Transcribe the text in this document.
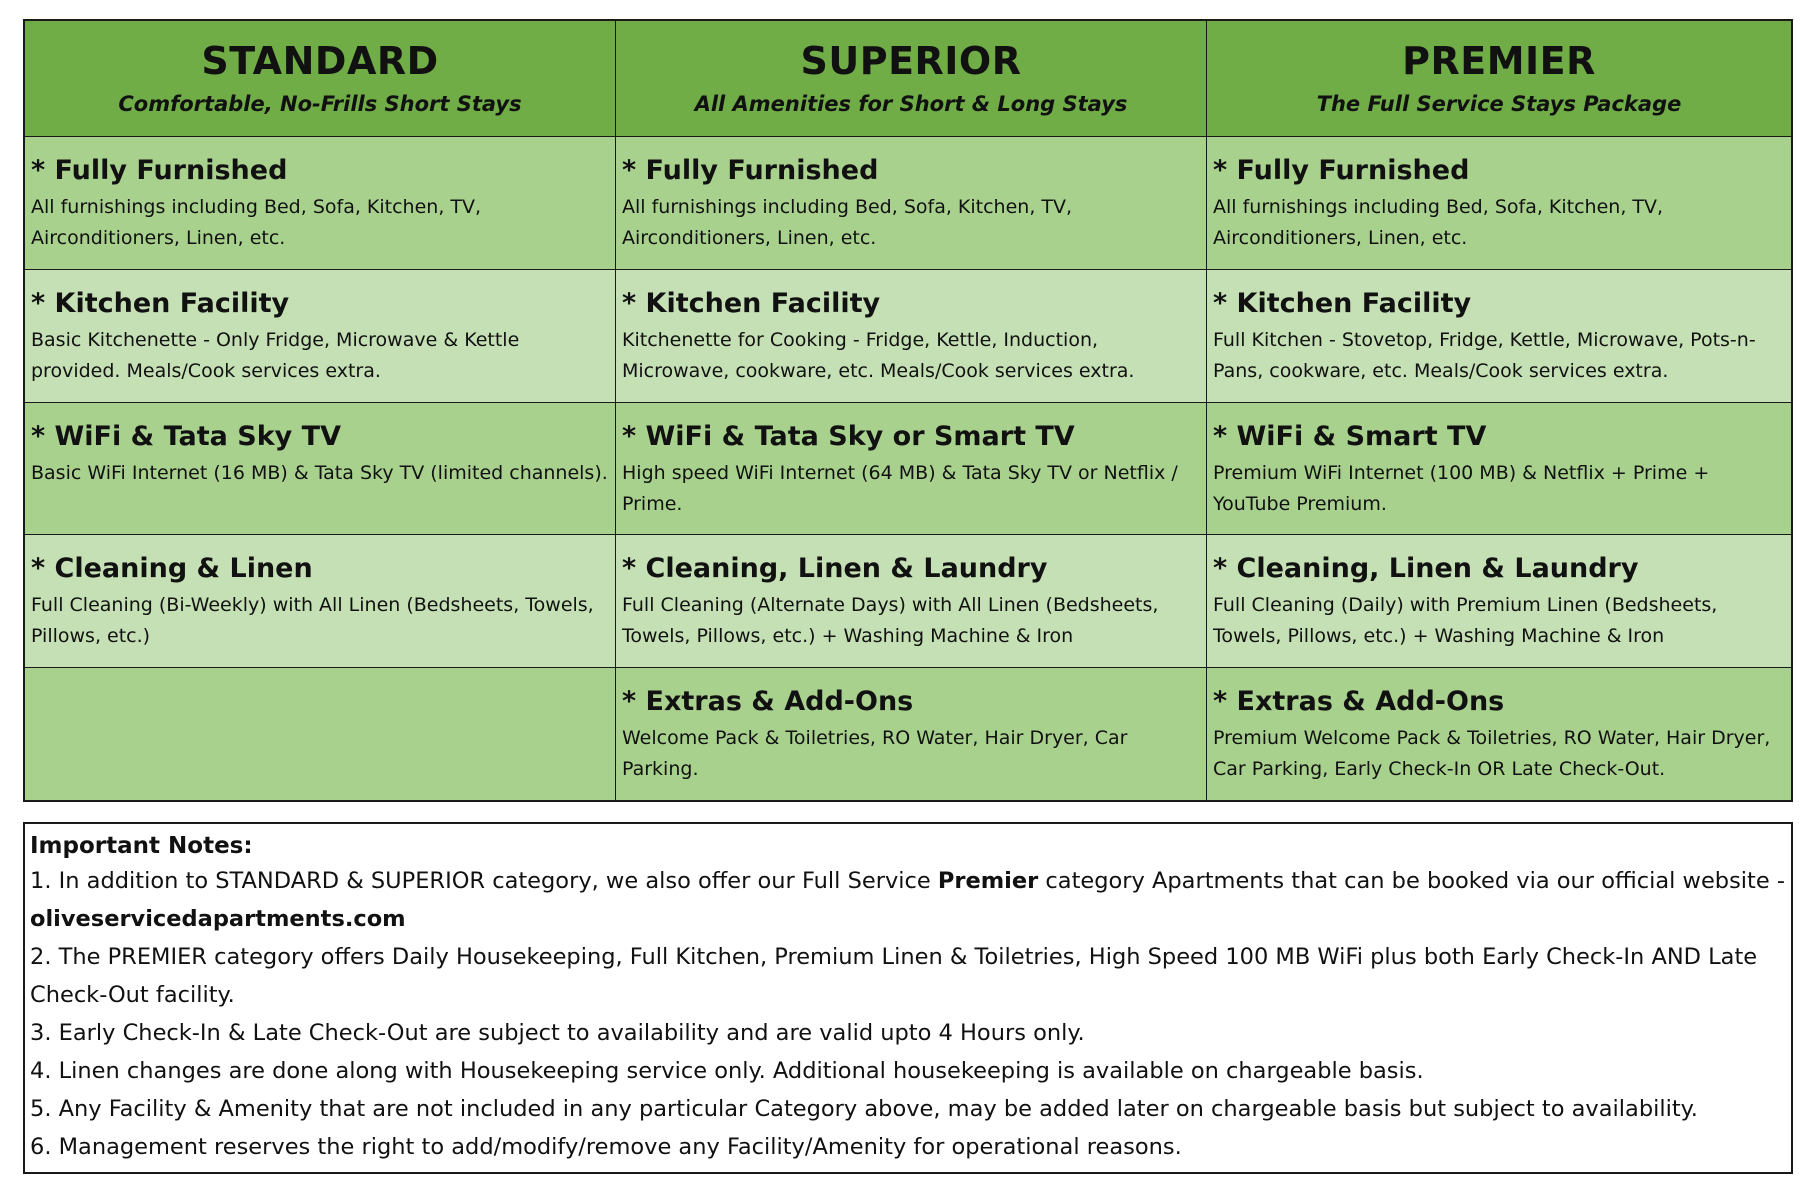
STANDARD
Comfortable, No-Frills Short Stays
SUPERIOR
All Amenities for Short & Long Stays
PREMIER
The Full Service Stays Package
* Fully Furnished
All furnishings including Bed, Sofa, Kitchen, TV, Airconditioners, Linen, etc.
* Fully Furnished
All furnishings including Bed, Sofa, Kitchen, TV, Airconditioners, Linen, etc.
* Fully Furnished
All furnishings including Bed, Sofa, Kitchen, TV, Airconditioners, Linen, etc.
* Kitchen Facility
Basic Kitchenette - Only Fridge, Microwave & Kettle provided. Meals/Cook services extra.
* Kitchen Facility
Kitchenette for Cooking - Fridge, Kettle, Induction, Microwave, cookware, etc. Meals/Cook services extra.
* Kitchen Facility
Full Kitchen - Stovetop, Fridge, Kettle, Microwave, Pots-n-Pans, cookware, etc. Meals/Cook services extra.
* WiFi & Tata Sky TV
Basic WiFi Internet (16 MB) & Tata Sky TV (limited channels).
* WiFi & Tata Sky or Smart TV
High speed WiFi Internet (64 MB) & Tata Sky TV or Netflix / Prime.
* WiFi & Smart TV
Premium WiFi Internet (100 MB) & Netflix + Prime + YouTube Premium.
* Cleaning & Linen
Full Cleaning (Bi-Weekly) with All Linen (Bedsheets, Towels, Pillows, etc.)
* Cleaning, Linen & Laundry
Full Cleaning (Alternate Days) with All Linen (Bedsheets, Towels, Pillows, etc.) + Washing Machine & Iron
* Cleaning, Linen & Laundry
Full Cleaning (Daily) with Premium Linen (Bedsheets, Towels, Pillows, etc.) + Washing Machine & Iron
* Extras & Add-Ons
Welcome Pack & Toiletries, RO Water, Hair Dryer, Car Parking.
* Extras & Add-Ons
Premium Welcome Pack & Toiletries, RO Water, Hair Dryer, Car Parking, Early Check-In OR Late Check-Out.
Important Notes:
1. In addition to STANDARD & SUPERIOR category, we also offer our Full Service Premier category Apartments that can be booked via our official website - oliveservicedapartments.com
2. The PREMIER category offers Daily Housekeeping, Full Kitchen, Premium Linen & Toiletries, High Speed 100 MB WiFi plus both Early Check-In AND Late Check-Out facility.
3. Early Check-In & Late Check-Out are subject to availability and are valid upto 4 Hours only.
4. Linen changes are done along with Housekeeping service only. Additional housekeeping is available on chargeable basis.
5. Any Facility & Amenity that are not included in any particular Category above, may be added later on chargeable basis but subject to availability.
6. Management reserves the right to add/modify/remove any Facility/Amenity for operational reasons.
